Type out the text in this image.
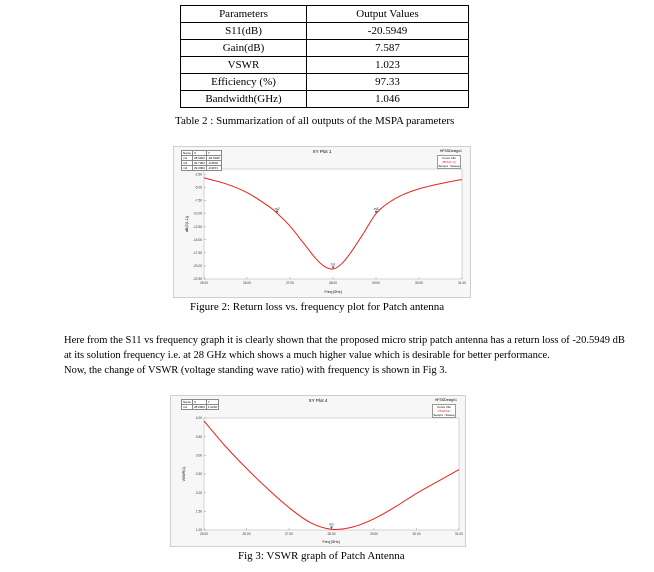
Parameters	Output Values
S11(dB)	-20.5949
Gain(dB)	7.587
VSWR	1.023
Efficiency (%)	97.33
Bandwidth(GHz)	1.046
Table 2 : Summarization of all outputs of the MSPA parameters
XY Plot 1	HFSSDesign1
-2.50
-5.00
-7.50
-10.00
-12.50
-15.00
-17.50
-20.00
-22.50
25.00	26.00	27.00	28.00	29.00	30.00	31.00
m1
m2	m3
Freq [GHz]
dB(S(1,1))
Name	X	Y
m1	28.0000	-20.5949
m2	26.7000	-9.9504
m3	29.0000	-9.9971
Curve Info
dB(S(1,1))
Setup1 : Sweep
Figure 2: Return loss vs. frequency plot for Patch antenna
Here from the S11 vs frequency graph it is clearly shown that the proposed micro strip patch antenna has a return loss of -20.5949 dB
at its solution frequency i.e. at 28 GHz which shows a much higher value which is desirable for better performance.
Now, the change of VSWR (voltage standing wave ratio) with frequency is shown in Fig 3.
XY Plot 4	HFSSDesign1
1.00
1.50
2.00
2.50
3.00
3.50
4.00
25.00	26.00	27.00	28.00	29.00	30.00	31.00
m1
Freq [GHz]
VSWR(1)
Name	X	Y
m1	28.0000	1.0232	Curve Info
VSWR(1)
Setup1 : Sweep
Fig 3: VSWR graph of Patch Antenna
